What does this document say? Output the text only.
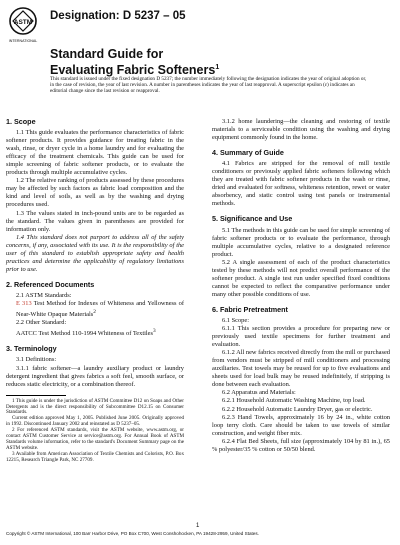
ASTM
INTERNATIONAL
Designation: D 5237 – 05
Standard Guide for
Evaluating Fabric Softeners$^1$
This standard is issued under the fixed designation D 5237; the number immediately following the designation indicates the year of original adoption or, in the case of revision, the year of last revision. A number in parentheses indicates the year of last reapproval. A superscript epsilon (ε) indicates an editorial change since the last revision or reapproval.
1. Scope

1.1 This guide evaluates the performance characteristics of fabric softener products. It provides guidance for treating fabric in the wash, rinse, or dryer cycle in a home laundry and for evaluating the efficacy of the treatment chemicals. This guide can be used for simple screening of fabric softener products, or to evaluate the products through multiple accumulative cycles.

1.2 The relative ranking of products assessed by these procedures may be affected by such factors as fabric load composition and the kind and level of soils, as well as by the washing and drying procedures used.

1.3 The values stated in inch-pound units are to be regarded as the standard. The values given in parentheses are provided for information only.

1.4 This standard does not purport to address all of the safety concerns, if any, associated with its use. It is the responsibility of the user of this standard to establish appropriate safety and health practices and determine the applicability of regulatory limitations prior to use.

2. Referenced Documents

2.1 ASTM Standards:

E 313 Test Method for Indexes of Whiteness and Yellowness of Near-White Opaque Materials$^2$

2.2 Other Standard:

AATCC Test Method 110-1994 Whiteness of Textiles$^3$

3. Terminology

3.1 Definitions:

3.1.1 fabric softener—a laundry auxiliary product or laundry detergent ingredient that gives fabrics a soft feel, smooth surface, or reduces static electricity, or a combination thereof.

1 This guide is under the jurisdiction of ASTM Committee D12 on Soaps and Other Detergents and is the direct responsibility of Subcommittee D12.15 on Consumer Standards.

Current edition approved May 1, 2005. Published June 2005. Originally approved in 1992. Discontinued January 2002 and reinstated as D 5237–05.

2 For referenced ASTM standards, visit the ASTM website, www.astm.org, or contact ASTM Customer Service at service@astm.org. For Annual Book of ASTM Standards volume information, refer to the standard's Document Summary page on the ASTM website.

3 Available from American Association of Textile Chemists and Colorists, P.O. Box 12215, Research Triangle Park, NC 27709.

3.1.2 home laundering—the cleaning and restoring of textile materials to a serviceable condition using the washing and drying equipment commonly found in the home.

4. Summary of Guide

4.1 Fabrics are stripped for the removal of mill textile conditioners or previously applied fabric softeners following which they are treated with fabric softener products in the wash or rinse, dried and evaluated for softness, whiteness retention, rewet or water absorbency, and static control using test panels or instrumental methods.

5. Significance and Use

5.1 The methods in this guide can be used for simple screening of fabric softener products or to evaluate the performance, through multiple accumulative cycles, relative to a designated reference product.

5.2 A single assessment of each of the product characteristics tested by these methods will not predict overall performance of the softener product. A single test run under specified fixed conditions cannot be expected to reflect the comparative performance under many other possible conditions of use.

6. Fabric Pretreatment

6.1 Scope:

6.1.1 This section provides a procedure for preparing new or previously used textile specimens for further treatment and evaluation.

6.1.2 All new fabrics received directly from the mill or purchased from vendors must be stripped of mill conditioners and processing auxiliaries. Test towels may be reused for up to five evaluations and sheets used for load bulk may be reused indefinitely, if stripping is done between each evaluation.

6.2 Apparatus and Materials:

6.2.1 Household Automatic Washing Machine, top load.

6.2.2 Household Automatic Laundry Dryer, gas or electric.

6.2.3 Hand Towels, approximately 16 by 24 in., white cotton loop terry cloth. Care should be taken to use towels of similar construction, and weight fiber mix.

6.2.4 Flat Bed Sheets, full size (approximately 104 by 81 in.), 65 % polyester/35 % cotton or 50/50 blend.

1
Copyright © ASTM International, 100 Barr Harbor Drive, PO Box C700, West Conshohocken, PA 19428-2959, United States.
